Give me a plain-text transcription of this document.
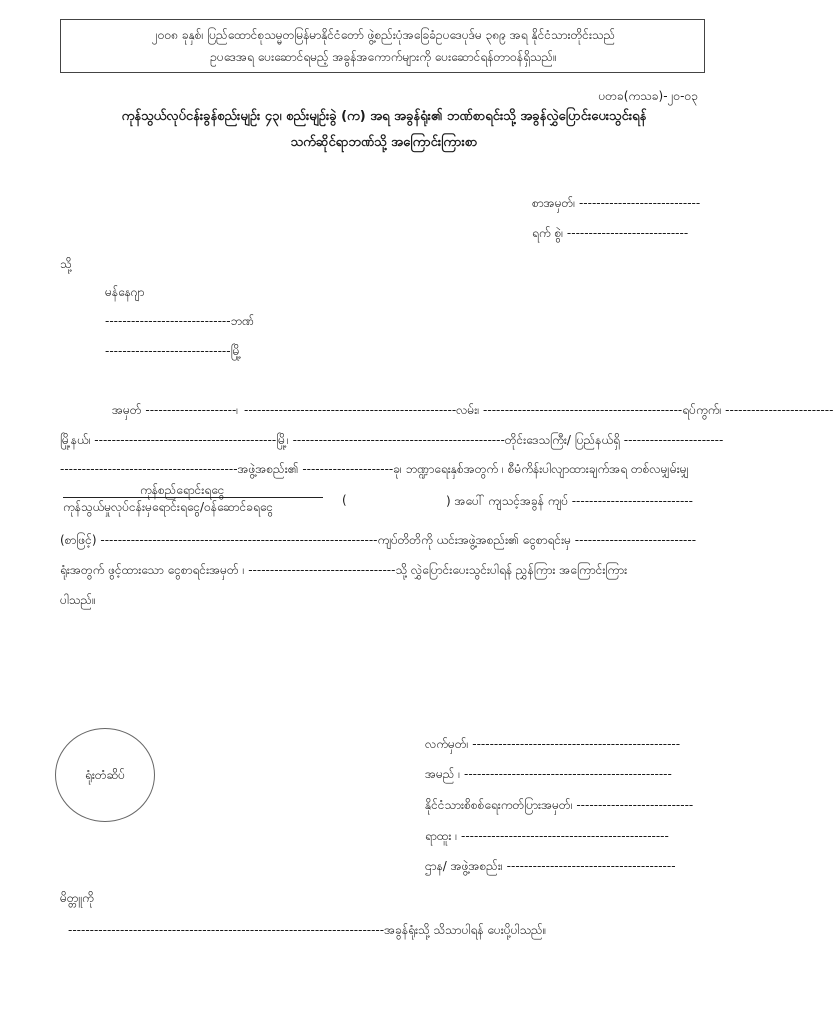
၂၀၀၈ ခုနှစ်၊ ပြည်ထောင်စုသမ္မတမြန်မာနိုင်ငံတော် ဖွဲ့စည်းပုံအခြေခံဥပဒေပုဒ်မ ၃၈၉ အရ နိုင်ငံသားတိုင်းသည်
ဥပဒေအရ ပေးဆောင်ရမည့် အခွန်အကောက်များကို ပေးဆောင်ရန်တာဝန်ရှိသည်။
ပတခ(ကသခ)-၂၀-၀၃
ကုန်သွယ်လုပ်ငန်းခွန်စည်းမျဉ်း ၄၃၊ စည်းမျဉ်းခွဲ (က) အရ အခွန်ရုံး၏ ဘဏ်စာရင်းသို့ အခွန်လွှဲပြောင်းပေးသွင်းရန်
သက်ဆိုင်ရာဘဏ်သို့ အကြောင်းကြားစာ
စာအမှတ်၊ ----------------------------
ရက် စွဲ၊ ----------------------------
သို့
မန်နေဂျာ
-----------------------------ဘဏ်
-----------------------------မြို့
အမှတ် ---------------------၊ -------------------------------------------------လမ်း၊ ----------------------------------------------ရပ်ကွက်၊ -------------------------
မြို့နယ်၊ ------------------------------------------မြို့၊ -------------------------------------------------တိုင်းဒေသကြီး/ ပြည်နယ်ရှိ -----------------------
-----------------------------------------အဖွဲ့အစည်း၏ ---------------------ခု၊ ဘဏ္ဍာရေးနှစ်အတွက် ၊ စီမံကိန်းပါလျာထားချက်အရ တစ်လမျှမ်းမျှ
ကုန်စည်ရောင်းရငွေ
ကုန်သွယ်မှုလုပ်ငန်းမှရောင်းရငွေ/ဝန်ဆောင်ခရငွေ	(	) အပေါ် ကျသင့်အခွန် ကျပ် ----------------------------
(စာဖြင့်) ----------------------------------------------------------------ကျပ်တိတိကို ယင်းအဖွဲ့အစည်း၏ ငွေစာရင်းမှ ----------------------------
ရုံးအတွက် ဖွင့်ထားသော ငွေစာရင်းအမှတ် ၊ ----------------------------------သို့ လွှဲပြောင်းပေးသွင်းပါရန် ညွှန်ကြား အကြောင်းကြား
ပါသည်။
ရုံးတံဆိပ်
လက်မှတ်၊ ------------------------------------------------
အမည် ၊ ------------------------------------------------
နိုင်ငံသားစိစစ်ရေးကတ်ပြားအမှတ်၊ ---------------------------
ရာထူး ၊ ------------------------------------------------
ဌာန/ အဖွဲ့အစည်း၊ ---------------------------------------
မိတ္တူကို
-------------------------------------------------------------------------အခွန်ရုံးသို့ သိသာပါရန် ပေးပို့ပါသည်။
